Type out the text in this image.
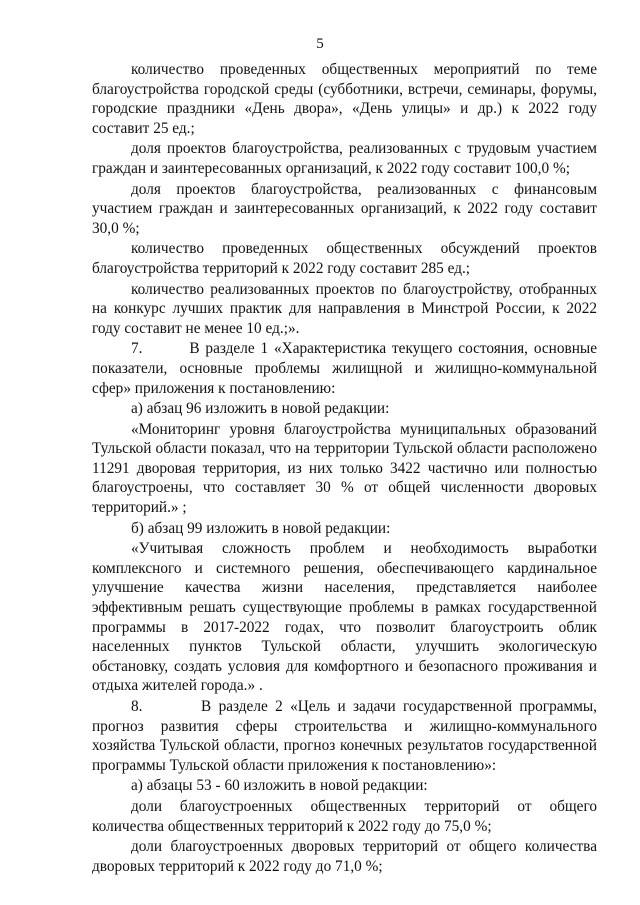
5

количество проведенных общественных мероприятий по теме благоустройства городской среды (субботники, встречи, семинары, форумы, городские праздники «День двора», «День улицы» и др.) к 2022 году составит 25 ед.;

доля проектов благоустройства, реализованных с трудовым участием граждан и заинтересованных организаций, к 2022 году составит 100,0 %;

доля проектов благоустройства, реализованных с финансовым участием граждан и заинтересованных организаций, к 2022 году составит 30,0 %;

количество проведенных общественных обсуждений проектов благоустройства территорий к 2022 году составит 285 ед.;

количество реализованных проектов по благоустройству, отобранных на конкурс лучших практик для направления в Минстрой России, к 2022 году составит не менее 10 ед.;».

7.        В разделе 1 «Характеристика текущего состояния, основные показатели, основные проблемы жилищной и жилищно-коммунальной сфер» приложения к постановлению:

а) абзац 96 изложить в новой редакции:

«Мониторинг уровня благоустройства муниципальных образований Тульской области показал, что на территории Тульской области расположено 11291 дворовая территория, из них только 3422 частично или полностью благоустроены, что составляет 30 % от общей численности дворовых территорий.» ;

б) абзац 99 изложить в новой редакции:

«Учитывая сложность проблем и необходимость выработки комплексного и системного решения, обеспечивающего кардинальное улучшение качества жизни населения, представляется наиболее эффективным решать существующие проблемы в рамках государственной программы в 2017-2022 годах, что позволит благоустроить облик населенных пунктов Тульской области, улучшить экологическую обстановку, создать условия для комфортного и безопасного проживания и отдыха жителей города.» .

8.        В разделе 2 «Цель и задачи государственной программы, прогноз развития сферы строительства и жилищно-коммунального хозяйства Тульской области, прогноз конечных результатов государственной программы Тульской области приложения к постановлению»:

а) абзацы 53 - 60 изложить в новой редакции:

доли благоустроенных общественных территорий от общего количества общественных территорий к 2022 году до 75,0 %;

доли благоустроенных дворовых территорий от общего количества дворовых территорий к 2022 году до 71,0 %;
